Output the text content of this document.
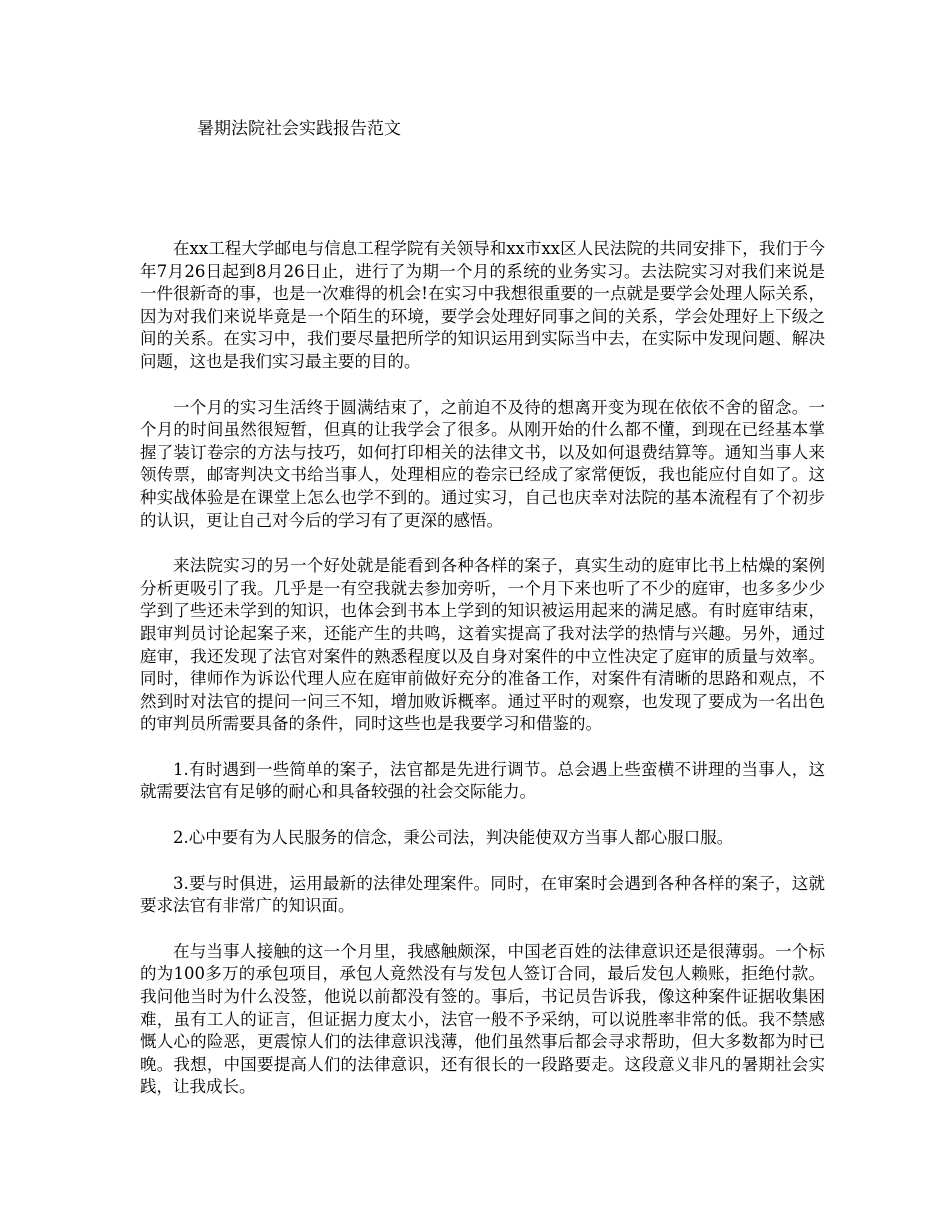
暑期法院社会实践报告范文

在xx工程大学邮电与信息工程学院有关领导和xx市xx区人民法院的共同安排下，我们于今年7月26日起到8月26日止，进行了为期一个月的系统的业务实习。去法院实习对我们来说是一件很新奇的事，也是一次难得的机会!在实习中我想很重要的一点就是要学会处理人际关系，因为对我们来说毕竟是一个陌生的环境，要学会处理好同事之间的关系，学会处理好上下级之间的关系。在实习中，我们要尽量把所学的知识运用到实际当中去，在实际中发现问题、解决问题，这也是我们实习最主要的目的。

一个月的实习生活终于圆满结束了，之前迫不及待的想离开变为现在依依不舍的留念。一个月的时间虽然很短暂，但真的让我学会了很多。从刚开始的什么都不懂，到现在已经基本掌握了装订卷宗的方法与技巧，如何打印相关的法律文书，以及如何退费结算等。通知当事人来领传票，邮寄判决文书给当事人，处理相应的卷宗已经成了家常便饭，我也能应付自如了。这种实战体验是在课堂上怎么也学不到的。通过实习，自己也庆幸对法院的基本流程有了个初步的认识，更让自己对今后的学习有了更深的感悟。

来法院实习的另一个好处就是能看到各种各样的案子，真实生动的庭审比书上枯燥的案例分析更吸引了我。几乎是一有空我就去参加旁听，一个月下来也听了不少的庭审，也多多少少学到了些还未学到的知识，也体会到书本上学到的知识被运用起来的满足感。有时庭审结束，跟审判员讨论起案子来，还能产生的共鸣，这着实提高了我对法学的热情与兴趣。另外，通过庭审，我还发现了法官对案件的熟悉程度以及自身对案件的中立性决定了庭审的质量与效率。同时，律师作为诉讼代理人应在庭审前做好充分的准备工作，对案件有清晰的思路和观点，不然到时对法官的提问一问三不知，增加败诉概率。通过平时的观察，也发现了要成为一名出色的审判员所需要具备的条件，同时这些也是我要学习和借鉴的。

1.有时遇到一些简单的案子，法官都是先进行调节。总会遇上些蛮横不讲理的当事人，这就需要法官有足够的耐心和具备较强的社会交际能力。

2.心中要有为人民服务的信念，秉公司法，判决能使双方当事人都心服口服。

3.要与时俱进，运用最新的法律处理案件。同时，在审案时会遇到各种各样的案子，这就要求法官有非常广的知识面。

在与当事人接触的这一个月里，我感触颇深，中国老百姓的法律意识还是很薄弱。一个标的为100多万的承包项目，承包人竟然没有与发包人签订合同，最后发包人赖账，拒绝付款。我问他当时为什么没签，他说以前都没有签的。事后，书记员告诉我，像这种案件证据收集困难，虽有工人的证言，但证据力度太小，法官一般不予采纳，可以说胜率非常的低。我不禁感慨人心的险恶，更震惊人们的法律意识浅薄，他们虽然事后都会寻求帮助，但大多数都为时已晚。我想，中国要提高人们的法律意识，还有很长的一段路要走。这段意义非凡的暑期社会实践，让我成长。
